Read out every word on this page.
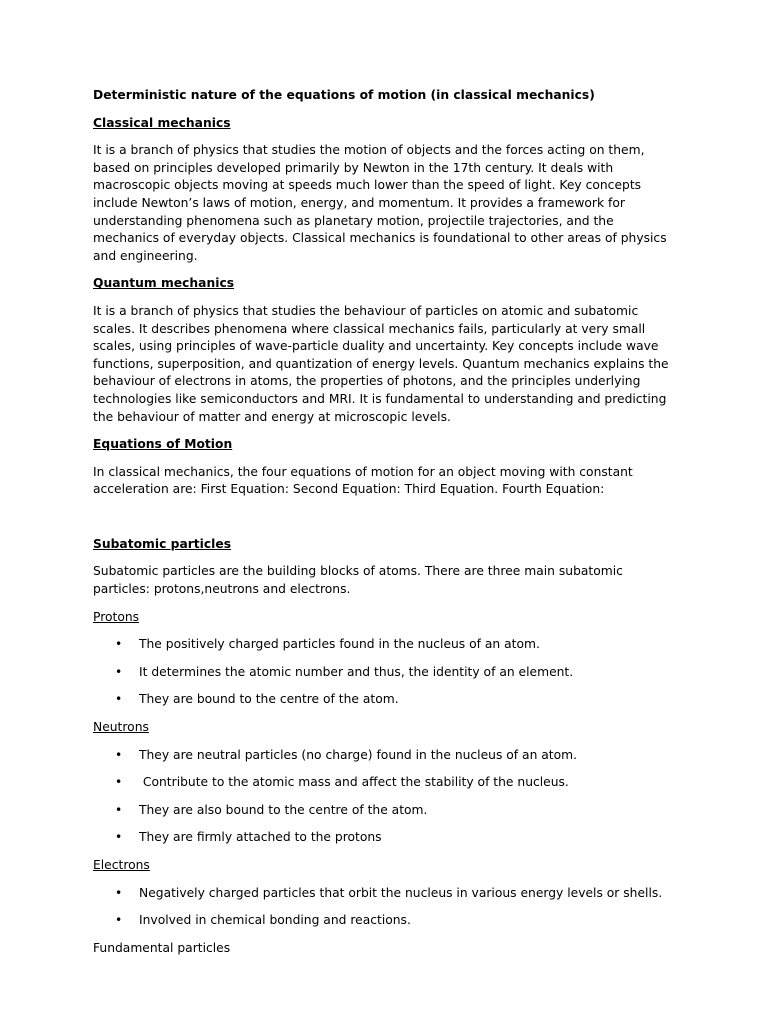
Deterministic nature of the equations of motion (in classical mechanics)

Classical mechanics

It is a branch of physics that studies the motion of objects and the forces acting on them, based on principles developed primarily by Newton in the 17th century. It deals with macroscopic objects moving at speeds much lower than the speed of light. Key concepts include Newton’s laws of motion, energy, and momentum. It provides a framework for understanding phenomena such as planetary motion, projectile trajectories, and the mechanics of everyday objects. Classical mechanics is foundational to other areas of physics and engineering.

Quantum mechanics

It is a branch of physics that studies the behaviour of particles on atomic and subatomic scales. It describes phenomena where classical mechanics fails, particularly at very small scales, using principles of wave-particle duality and uncertainty. Key concepts include wave functions, superposition, and quantization of energy levels. Quantum mechanics explains the behaviour of electrons in atoms, the properties of photons, and the principles underlying technologies like semiconductors and MRI. It is fundamental to understanding and predicting the behaviour of matter and energy at microscopic levels.

Equations of Motion

In classical mechanics, the four equations of motion for an object moving with constant acceleration are: First Equation: Second Equation: Third Equation. Fourth Equation:

Subatomic particles

Subatomic particles are the building blocks of atoms. There are three main subatomic particles: protons,neutrons and electrons.

Protons

• The positively charged particles found in the nucleus of an atom.
• It determines the atomic number and thus, the identity of an element.
• They are bound to the centre of the atom.

Neutrons

• They are neutral particles (no charge) found in the nucleus of an atom.
• Contribute to the atomic mass and affect the stability of the nucleus.
• They are also bound to the centre of the atom.
• They are firmly attached to the protons

Electrons

• Negatively charged particles that orbit the nucleus in various energy levels or shells.
• Involved in chemical bonding and reactions.

Fundamental particles
